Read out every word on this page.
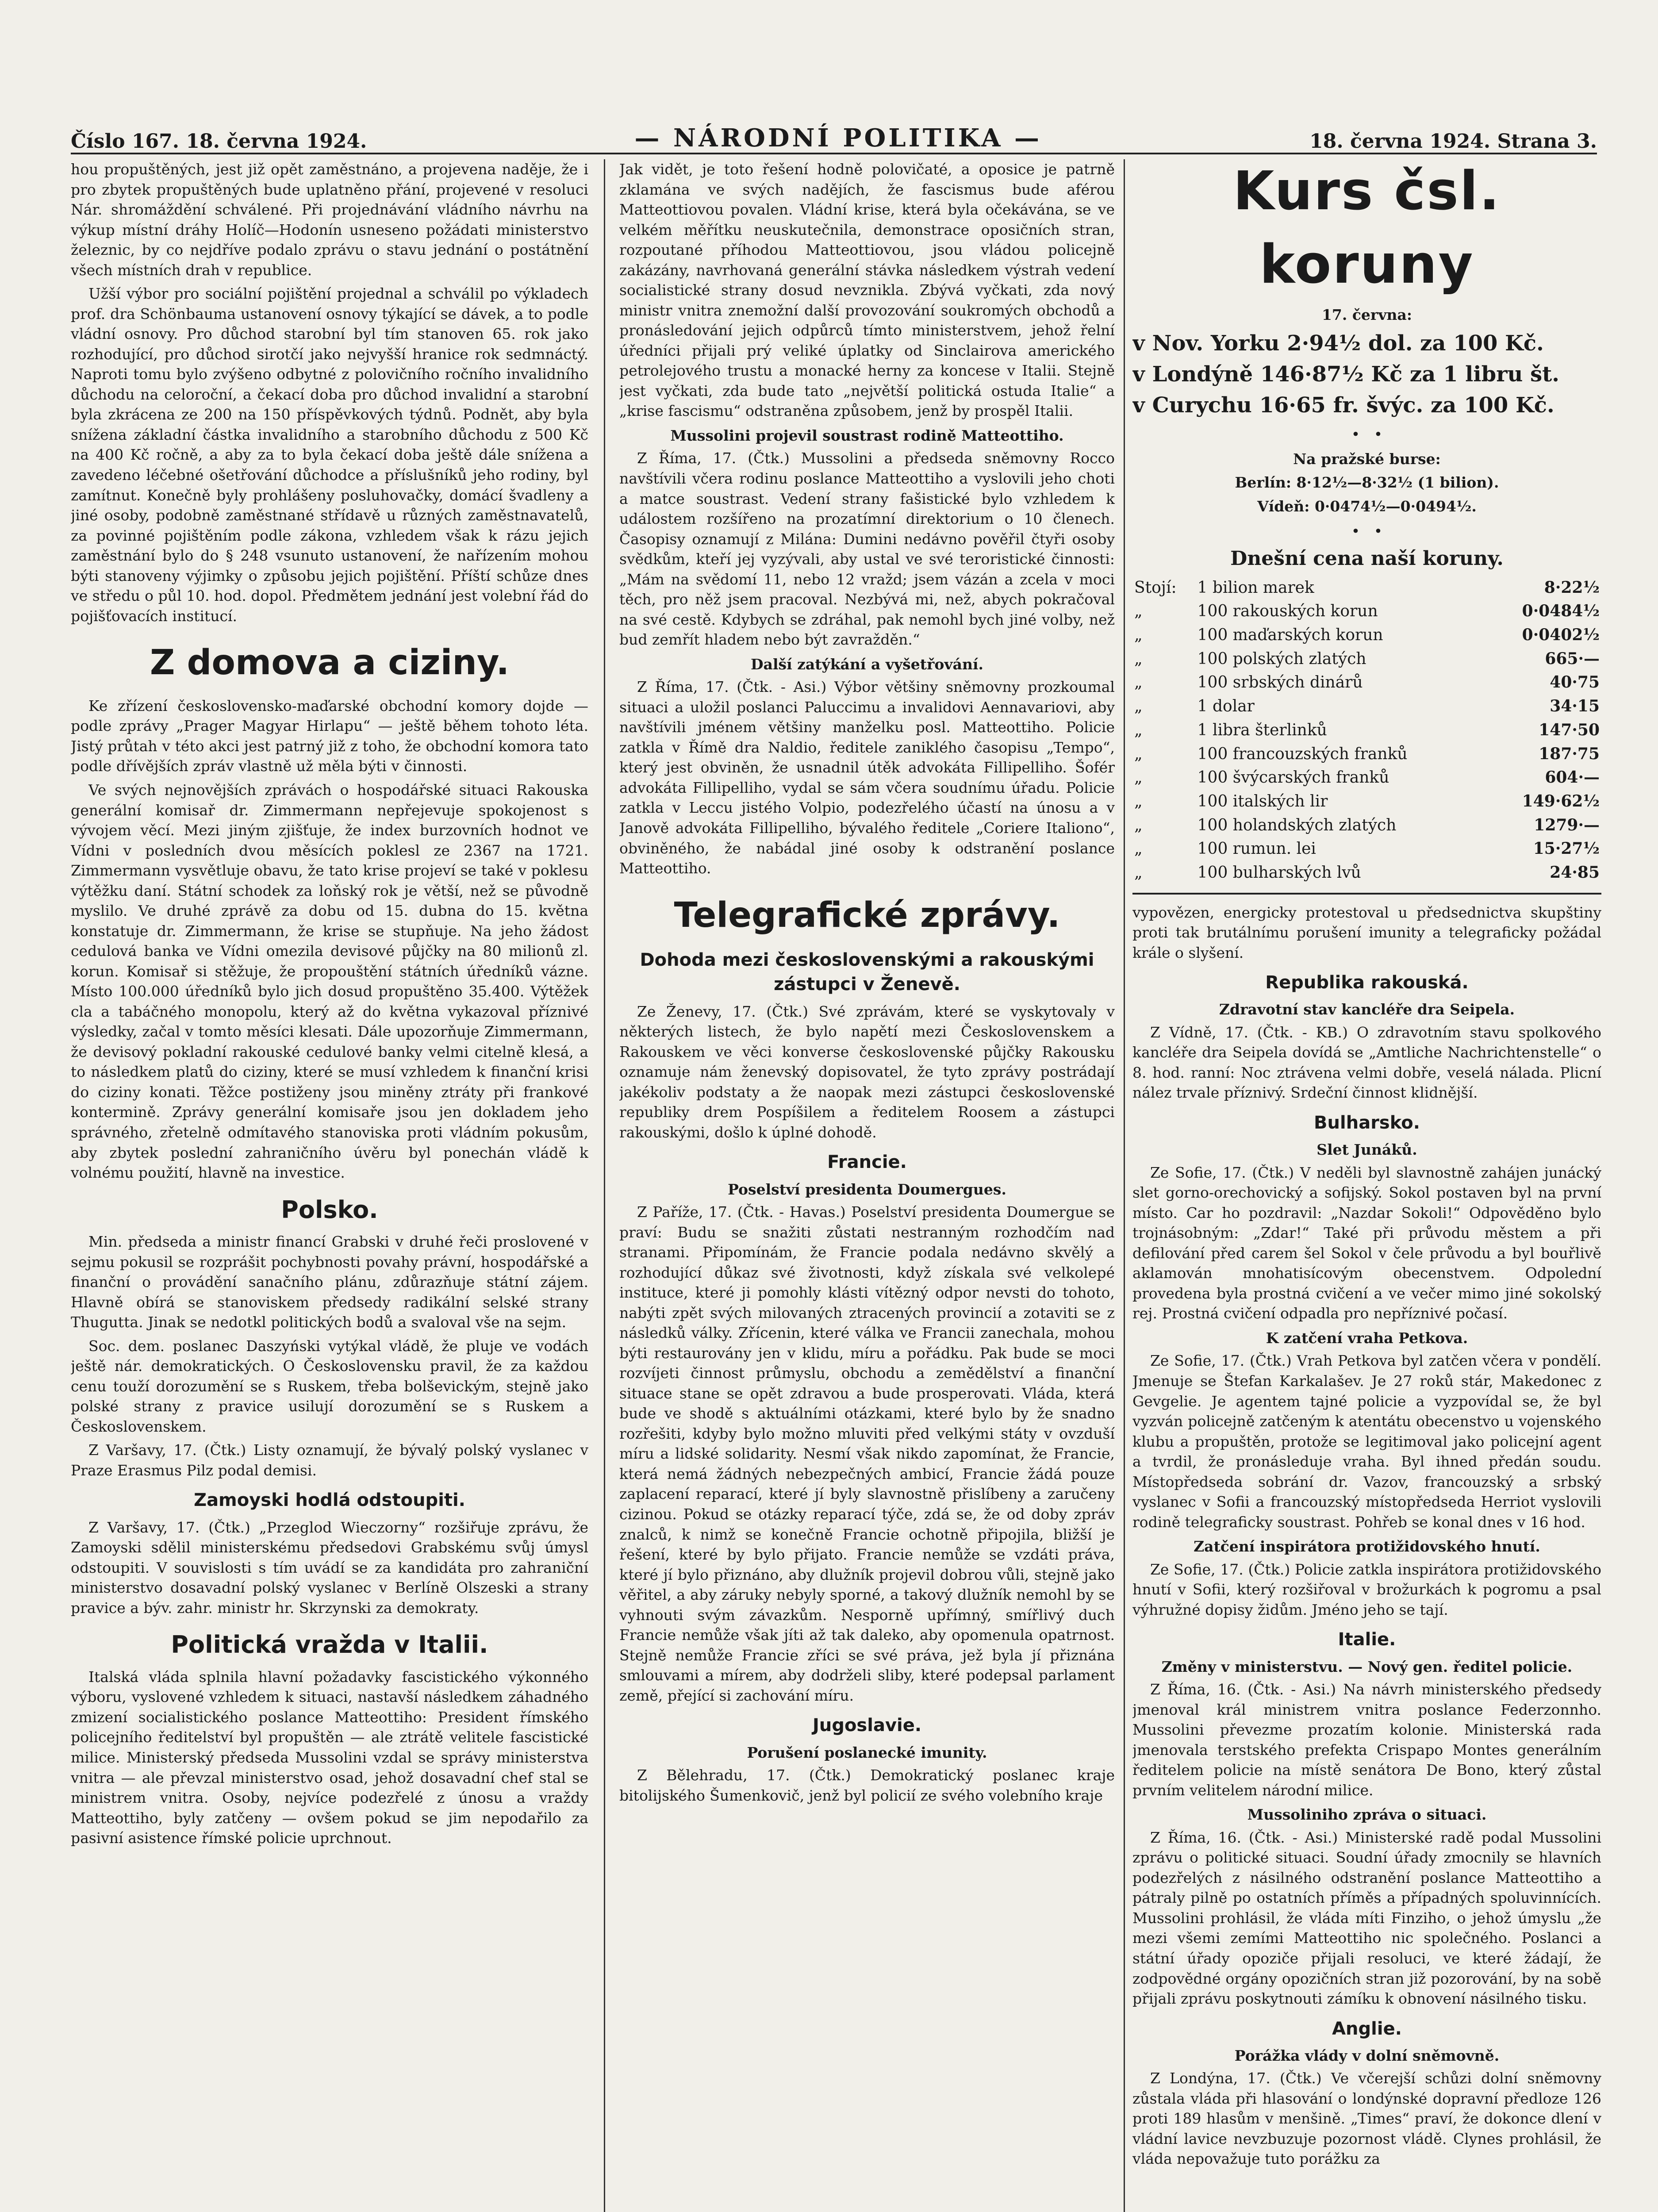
Číslo 167. 18. června 1924.	— NÁRODNÍ POLITIKA —	18. června 1924. Strana 3.

hou propuštěných, jest již opět zaměstnáno, a projevena naděje, že i pro zbytek propuštěných bude uplatněno přání, projevené v resoluci Nár. shromáždění schválené. Při projednávání vládního návrhu na výkup místní dráhy Holíč—Hodonín usneseno požádati ministerstvo železnic, by co nejdříve podalo zprávu o stavu jednání o postátnění všech místních drah v republice.

Užší výbor pro sociální pojištění projednal a schválil po výkladech prof. dra Schönbauma ustanovení osnovy týkající se dávek, a to podle vládní osnovy. Pro důchod starobní byl tím stanoven 65. rok jako rozhodující, pro důchod sirotčí jako nejvyšší hranice rok sedmnáctý. Naproti tomu bylo zvýšeno odbytné z polovičního ročního invalidního důchodu na celoroční, a čekací doba pro důchod invalidní a starobní byla zkrácena ze 200 na 150 příspěvkových týdnů. Podnět, aby byla snížena základní částka invalidního a starobního důchodu z 500 Kč na 400 Kč ročně, a aby za to byla čekací doba ještě dále snížena a zavedeno léčebné ošetřování důchodce a příslušníků jeho rodiny, byl zamítnut. Konečně byly prohlášeny posluhovačky, domácí švadleny a jiné osoby, podobně zaměstnané střídavě u různých zaměstnavatelů, za povinné pojištěním podle zákona, vzhledem však k rázu jejich zaměstnání bylo do § 248 vsunuto ustanovení, že nařízením mohou býti stanoveny výjimky o způsobu jejich pojištění. Příští schůze dnes ve středu o půl 10. hod. dopol. Předmětem jednání jest volební řád do pojišťovacích institucí.

Z domova a ciziny.

Ke zřízení československo-maďarské obchodní komory dojde — podle zprávy „Prager Magyar Hirlapu“ — ještě během tohoto léta. Jistý průtah v této akci jest patrný již z toho, že obchodní komora tato podle dřívějších zpráv vlastně už měla býti v činnosti.

Ve svých nejnovějších zprávách o hospodářské situaci Rakouska generální komisař dr. Zimmermann nepřejevuje spokojenost s vývojem věcí. Mezi jiným zjišťuje, že index burzovních hodnot ve Vídni v posledních dvou měsících poklesl ze 2367 na 1721. Zimmermann vysvětluje obavu, že tato krise projeví se také v poklesu výtěžku daní. Státní schodek za loňský rok je větší, než se původně myslilo. Ve druhé zprávě za dobu od 15. dubna do 15. května konstatuje dr. Zimmermann, že krise se stupňuje. Na jeho žádost cedulová banka ve Vídni omezila devisové půjčky na 80 milionů zl. korun. Komisař si stěžuje, že propouštění státních úředníků vázne. Místo 100.000 úředníků bylo jich dosud propuštěno 35.400. Výtěžek cla a tabáčného monopolu, který až do května vykazoval příznivé výsledky, začal v tomto měsíci klesati. Dále upozorňuje Zimmermann, že devisový pokladní rakouské cedulové banky velmi citelně klesá, a to následkem platů do ciziny, které se musí vzhledem k finanční krisi do ciziny konati. Těžce postiženy jsou miněny ztráty při frankové kontermině. Zprávy generální komisaře jsou jen dokladem jeho správného, zřetelně odmítavého stanoviska proti vládním pokusům, aby zbytek poslední zahraničního úvěru byl ponechán vládě k volnému použití, hlavně na investice.

Polsko.

Min. předseda a ministr financí Grabski v druhé řeči proslovené v sejmu pokusil se rozprášit pochybnosti povahy právní, hospodářské a finanční o provádění sanačního plánu, zdůrazňuje státní zájem. Hlavně obírá se stanoviskem předsedy radikální selské strany Thugutta. Jinak se nedotkl politických bodů a svaloval vše na sejm.

Soc. dem. poslanec Daszyński vytýkal vládě, že pluje ve vodách ještě nár. demokratických. O Československu pravil, že za každou cenu touží dorozumění se s Ruskem, třeba bolševickým, stejně jako polské strany z pravice usilují dorozumění se s Ruskem a Československem.

Z Varšavy, 17. (Čtk.) Listy oznamují, že bývalý polský vyslanec v Praze Erasmus Pilz podal demisi.

Zamoyski hodlá odstoupiti.

Z Varšavy, 17. (Čtk.) „Przeglod Wieczorny“ rozšiřuje zprávu, že Zamoyski sdělil ministerskému předsedovi Grabskému svůj úmysl odstoupiti. V souvislosti s tím uvádí se za kandidáta pro zahraniční ministerstvo dosavadní polský vyslanec v Berlíně Olszeski a strany pravice a býv. zahr. ministr hr. Skrzynski za demokraty.

Politická vražda v Italii.

Italská vláda splnila hlavní požadavky fascistického výkonného výboru, vyslovené vzhledem k situaci, nastavší následkem záhadného zmizení socialistického poslance Matteottiho: President římského policejního ředitelství byl propuštěn — ale ztrátě velitele fascistické milice. Ministerský předseda Mussolini vzdal se správy ministerstva vnitra — ale převzal ministerstvo osad, jehož dosavadní chef stal se ministrem vnitra. Osoby, nejvíce podezřelé z únosu a vraždy Matteottiho, byly zatčeny — ovšem pokud se jim nepodařilo za pasivní asistence římské policie uprchnout.

Jak vidět, je toto řešení hodně polovičaté, a oposice je patrně zklamána ve svých nadějích, že fascismus bude aférou Matteottiovou povalen. Vládní krise, která byla očekávána, se ve velkém měřítku neuskutečnila, demonstrace oposičních stran, rozpoutané příhodou Matteottiovou, jsou vládou policejně zakázány, navrhovaná generální stávka následkem výstrah vedení socialistické strany dosud nevznikla. Zbývá vyčkati, zda nový ministr vnitra znemožní další provozování soukromých obchodů a pronásledování jejich odpůrců tímto ministerstvem, jehož řelní úředníci přijali prý veliké úplatky od Sinclairova amerického petrolejového trustu a monacké herny za koncese v Italii. Stejně jest vyčkati, zda bude tato „největší politická ostuda Italie“ a „krise fascismu“ odstraněna způsobem, jenž by prospěl Italii.

Mussolini projevil soustrast rodině Matteottiho.

Z Říma, 17. (Čtk.) Mussolini a předseda sněmovny Rocco navštívili včera rodinu poslance Matteottiho a vyslovili jeho choti a matce soustrast. Vedení strany fašistické bylo vzhledem k událostem rozšířeno na prozatímní direktorium o 10 členech. Časopisy oznamují z Milána: Dumini nedávno pověřil čtyři osoby svědkům, kteří jej vyzývali, aby ustal ve své teroristické činnosti: „Mám na svědomí 11, nebo 12 vražd; jsem vázán a zcela v moci těch, pro něž jsem pracoval. Nezbývá mi, než, abych pokračoval na své cestě. Kdybych se zdráhal, pak nemohl bych jiné volby, než bud zemřít hladem nebo být zavražděn.“

Další zatýkání a vyšetřování.

Z Říma, 17. (Čtk. - Asi.) Výbor většiny sněmovny prozkoumal situaci a uložil poslanci Paluccimu a invalidovi Aennavariovi, aby navštívili jménem většiny manželku posl. Matteottiho. Policie zatkla v Římě dra Naldio, ředitele zaniklého časopisu „Tempo“, který jest obviněn, že usnadnil útěk advokáta Fillipelliho. Šofér advokáta Fillipelliho, vydal se sám včera soudnímu úřadu. Policie zatkla v Leccu jistého Volpio, podezřelého účastí na únosu a v Janově advokáta Fillipelliho, bývalého ředitele „Coriere Italiono“, obviněného, že nabádal jiné osoby k odstranění poslance Matteottiho.

Telegrafické zprávy.
Dohoda mezi československými a rakouskými zástupci v Ženevě.

Ze Ženevy, 17. (Čtk.) Své zprávám, které se vyskytovaly v některých listech, že bylo napětí mezi Československem a Rakouskem ve věci konverse československé půjčky Rakousku oznamuje nám ženevský dopisovatel, že tyto zprávy postrádají jakékoliv podstaty a že naopak mezi zástupci československé republiky drem Pospíšilem a ředitelem Roosem a zástupci rakouskými, došlo k úplné dohodě.

Francie.
Poselství presidenta Doumergues.

Z Paříže, 17. (Čtk. - Havas.) Poselství presidenta Doumergue se praví: Budu se snažiti zůstati nestranným rozhodčím nad stranami. Připomínám, že Francie podala nedávno skvělý a rozhodující důkaz své životnosti, když získala své velkolepé instituce, které ji pomohly klásti vítězný odpor nevsti do tohoto, nabýti zpět svých milovaných ztracených provincií a zotaviti se z následků války. Zřícenin, které válka ve Francii zanechala, mohou býti restaurovány jen v klidu, míru a pořádku. Pak bude se moci rozvíjeti činnost průmyslu, obchodu a zemědělství a finanční situace stane se opět zdravou a bude prosperovati. Vláda, která bude ve shodě s aktuálními otázkami, které bylo by že snadno rozřešiti, kdyby bylo možno mluviti před velkými státy v ovzduší míru a lidské solidarity. Nesmí však nikdo zapomínat, že Francie, která nemá žádných nebezpečných ambicí, Francie žádá pouze zaplacení reparací, které jí byly slavnostně přislíbeny a zaručeny cizinou. Pokud se otázky reparací týče, zdá se, že od doby zpráv znalců, k nimž se konečně Francie ochotně připojila, bližší je řešení, které by bylo přijato. Francie nemůže se vzdáti práva, které jí bylo přiznáno, aby dlužník projevil dobrou vůli, stejně jako věřitel, a aby záruky nebyly sporné, a takový dlužník nemohl by se vyhnouti svým závazkům. Nesporně upřímný, smířlivý duch Francie nemůže však jíti až tak daleko, aby opomenula opatrnost. Stejně nemůže Francie zříci se své práva, jež byla jí přiznána smlouvami a mírem, aby dodrželi sliby, které podepsal parlament země, přející si zachování míru.

Jugoslavie.
Porušení poslanecké imunity.

Z Bělehradu, 17. (Čtk.) Demokratický poslanec kraje bitolijského Šumenkovič, jenž byl policií ze svého volebního kraje

Kurs čsl. koruny

17. června:

v Nov. Yorku 2·94½ dol. za 100 Kč.

v Londýně 146·87½ Kč za 1 libru št.

v Curychu 16·65 fr. švýc. za 100 Kč.

•   •

Na pražské burse:

Berlín: 8·12½—8·32½ (1 bilion).

Vídeň: 0·0474½—0·0494½.

•   •

Dnešní cena naší koruny.

Stojí:	1 bilion marek	8·22½
„	100 rakouských korun	0·0484½
„	100 maďarských korun	0·0402½
„	100 polských zlatých	665·—
„	100 srbských dinárů	40·75
„	1 dolar	34·15
„	1 libra šterlinků	147·50
„	100 francouzských franků	187·75
„	100 švýcarských franků	604·—
„	100 italských lir	149·62½
„	100 holandských zlatých	1279·—
„	100 rumun. lei	15·27½
„	100 bulharských lvů	24·85

vypovězen, energicky protestoval u předsednictva skupštiny proti tak brutálnímu porušení imunity a telegraficky požádal krále o slyšení.

Republika rakouská.
Zdravotní stav kancléře dra Seipela.

Z Vídně, 17. (Čtk. - KB.) O zdravotním stavu spolkového kancléře dra Seipela dovídá se „Amtliche Nachrichtenstelle“ o 8. hod. ranní: Noc ztrávena velmi dobře, veselá nálada. Plicní nález trvale příznivý. Srdeční činnost klidnější.

Bulharsko.
Slet Junáků.

Ze Sofie, 17. (Čtk.) V neděli byl slavnostně zahájen junácký slet gorno-orechovický a sofijský. Sokol postaven byl na první místo. Car ho pozdravil: „Nazdar Sokoli!“ Odpověděno bylo trojnásobným: „Zdar!“ Také při průvodu městem a při defilování před carem šel Sokol v čele průvodu a byl bouřlivě aklamován mnohatisícovým obecenstvem. Odpolední provedena byla prostná cvičení a ve večer mimo jiné sokolský rej. Prostná cvičení odpadla pro nepříznivé počasí.

K zatčení vraha Petkova.

Ze Sofie, 17. (Čtk.) Vrah Petkova byl zatčen včera v pondělí. Jmenuje se Štefan Karkalašev. Je 27 roků stár, Makedonec z Gevgelie. Je agentem tajné policie a vyzpovídal se, že byl vyzván policejně zatčeným k atentátu obecenstvo u vojenského klubu a propuštěn, protože se legitimoval jako policejní agent a tvrdil, že pronásleduje vraha. Byl ihned předán soudu. Místopředseda sobrání dr. Vazov, francouzský a srbský vyslanec v Sofii a francouzský místopředseda Herriot vyslovili rodině telegraficky soustrast. Pohřeb se konal dnes v 16 hod.

Zatčení inspirátora protižidovského hnutí.

Ze Sofie, 17. (Čtk.) Policie zatkla inspirátora protižidovského hnutí v Sofii, který rozšiřoval v brožurkách k pogromu a psal výhružné dopisy židům. Jméno jeho se tají.

Italie.
Změny v ministerstvu. — Nový gen. ředitel policie.

Z Říma, 16. (Čtk. - Asi.) Na návrh ministerského předsedy jmenoval král ministrem vnitra poslance Federzonnho. Mussolini převezme prozatím kolonie. Ministerská rada jmenovala terstského prefekta Crispapo Montes generálním ředitelem policie na místě senátora De Bono, který zůstal prvním velitelem národní milice.

Mussoliniho zpráva o situaci.

Z Říma, 16. (Čtk. - Asi.) Ministerské radě podal Mussolini zprávu o politické situaci. Soudní úřady zmocnily se hlavních podezřelých z násilného odstranění poslance Matteottiho a pátraly pilně po ostatních příměs a případných spoluvinnících. Mussolini prohlásil, že vláda míti Finziho, o jehož úmyslu „že mezi všemi zemími Matteottiho nic společného. Poslanci a státní úřady opoziče přijali resoluci, ve které žádají, že zodpovědné orgány opozičních stran již pozorování, by na sobě přijali zprávu poskytnouti zámíku k obnovení násilného tisku.

Anglie.
Porážka vlády v dolní sněmovně.

Z Londýna, 17. (Čtk.) Ve včerejší schůzi dolní sněmovny zůstala vláda při hlasování o londýnské dopravní předloze 126 proti 189 hlasům v menšině. „Times“ praví, že dokonce dlení v vládní lavice nevzbuzuje pozornost vládě. Clynes prohlásil, že vláda nepovažuje tuto porážku za
